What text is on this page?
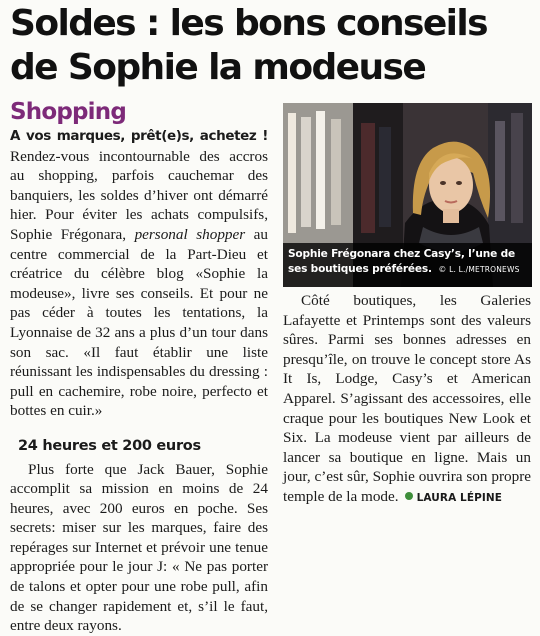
Soldes : les bons conseils
de Sophie la modeuse
Shopping

A vos marques, prêt(e)s, achetez ! Rendez-vous incontournable des accros au shopping, parfois cauchemar des banquiers, les soldes d’hiver ont démarré hier. Pour éviter les achats compulsifs, Sophie Frégonara, personal shopper au centre commercial de la Part-Dieu et créatrice du célèbre blog «Sophie la modeuse», livre ses conseils. Et pour ne pas céder à toutes les tentations, la Lyonnaise de 32 ans a plus d’un tour dans son sac. «Il faut établir une liste réunissant les indispensables du dressing : pull en cachemire, robe noire, perfecto et bottes en cuir.»

24 heures et 200 euros

Plus forte que Jack Bauer, Sophie accomplit sa mission en moins de 24 heures, avec 200 euros en poche. Ses secrets: miser sur les marques, faire des repérages sur Internet et prévoir une tenue appropriée pour le jour J: « Ne pas porter de talons et opter pour une robe pull, afin de se changer rapidement et, s’il le faut, entre deux rayons.

Sophie Frégonara chez Casy’s, l’une de ses boutiques préférées. © L. L./METRONEWS

Côté boutiques, les Galeries Lafayette et Printemps sont des valeurs sûres. Parmi ses bonnes adresses en presqu’île, on trouve le concept store As It Is, Lodge, Casy’s et American Apparel. S’agissant des accessoires, elle craque pour les boutiques New Look et Six. La modeuse vient par ailleurs de lancer sa boutique en ligne. Mais un jour, c’est sûr, Sophie ouvrira son propre temple de la mode. LAURA LÉPINE
